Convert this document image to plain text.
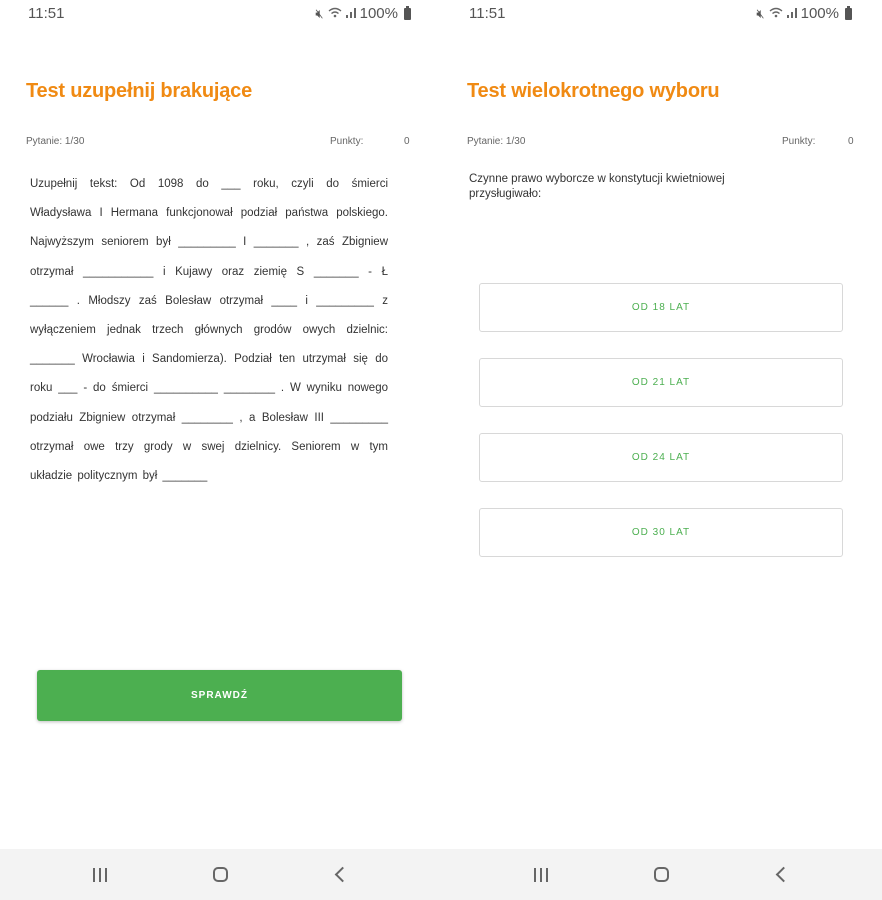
11:51	🔇︎ 100%
Test uzupełnij brakujące
Pytanie: 1/30	Punkty:	0
Uzupełnij tekst: Od 1098 do ___ roku, czyli do śmierci Władysława I Hermana funkcjonował podział państwa polskiego. Najwyższym seniorem był _________ I _______ , zaś Zbigniew otrzymał ___________ i Kujawy oraz ziemię S _______ - Ł ______ . Młodszy zaś Bolesław otrzymał ____ i _________ z wyłączeniem jednak trzech głównych grodów owych dzielnic: _______ Wrocławia i Sandomierza). Podział ten utrzymał się do roku ___ - do śmierci __________ ________ . W wyniku nowego podziału Zbigniew otrzymał ________ , a Bolesław III _________ otrzymał owe trzy grody w swej dzielnicy. Seniorem w tym układzie politycznym był _______
SPRAWDŹ
11:51	🔇︎ 100%
Test wielokrotnego wyboru
Pytanie: 1/30	Punkty:	0
Czynne prawo wyborcze w konstytucji kwietniowej przysługiwało:
OD 18 LAT
OD 21 LAT
OD 24 LAT
OD 30 LAT
